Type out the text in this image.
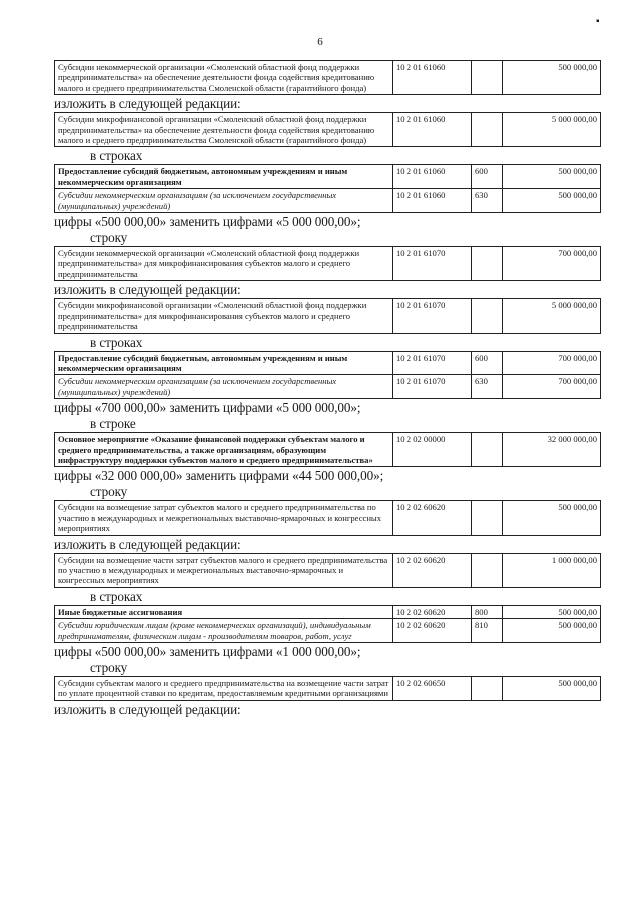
6
▪
Субсидии некоммерческой организации «Смоленский областной фонд поддержки предпринимательства» на обеспечение деятельности фонда содействия кредитованию малого и среднего предпринимательства Смоленской области (гарантийного фонда)	10 2 01 61060		500 000,00
изложить в следующей редакции:
Субсидии микрофинансовой организации «Смоленский областной фонд поддержки предпринимательства» на обеспечение деятельности фонда содействия кредитованию малого и среднего предпринимательства Смоленской области (гарантийного фонда)	10 2 01 61060		5 000 000,00
в строках
Предоставление субсидий бюджетным, автономным учреждениям и иным некоммерческим организациям	10 2 01 61060	600	500 000,00
Субсидии некоммерческим организациям (за исключением государственных (муниципальных) учреждений)	10 2 01 61060	630	500 000,00
цифры «500 000,00» заменить цифрами «5 000 000,00»;
строку
Субсидии некоммерческой организации «Смоленский областной фонд поддержки предпринимательства» для микрофинансирования субъектов малого и среднего предпринимательства	10 2 01 61070		700 000,00
изложить в следующей редакции:
Субсидии микрофинансовой организации «Смоленский областной фонд поддержки предпринимательства» для микрофинансирования субъектов малого и среднего предпринимательства	10 2 01 61070		5 000 000,00
в строках
Предоставление субсидий бюджетным, автономным учреждениям и иным некоммерческим организациям	10 2 01 61070	600	700 000,00
Субсидии некоммерческим организациям (за исключением государственных (муниципальных) учреждений)	10 2 01 61070	630	700 000,00
цифры «700 000,00» заменить цифрами «5 000 000,00»;
в строке
Основное мероприятие «Оказание финансовой поддержки субъектам малого и среднего предпринимательства, а также организациям, образующим инфраструктуру поддержки субъектов малого и среднего предпринимательства»	10 2 02 00000		32 000 000,00
цифры «32 000 000,00» заменить цифрами «44 500 000,00»;
строку
Субсидии на возмещение затрат субъектов малого и среднего предпринимательства по участию в международных и межрегиональных выставочно-ярмарочных и конгрессных мероприятиях	10 2 02 60620		500 000,00
изложить в следующей редакции:
Субсидии на возмещение части затрат субъектов малого и среднего предпринимательства по участию в международных и межрегиональных выставочно-ярмарочных и конгрессных мероприятиях	10 2 02 60620		1 000 000,00
в строках
Иные бюджетные ассигнования	10 2 02 60620	800	500 000,00
Субсидии юридическим лицам (кроме некоммерческих организаций), индивидуальным предпринимателям, физическим лицам - производителям товаров, работ, услуг	10 2 02 60620	810	500 000,00
цифры «500 000,00» заменить цифрами «1 000 000,00»;
строку
Субсидии субъектам малого и среднего предпринимательства на возмещение части затрат по уплате процентной ставки по кредитам, предоставляемым кредитными организациями	10 2 02 60650		500 000,00
изложить в следующей редакции:
